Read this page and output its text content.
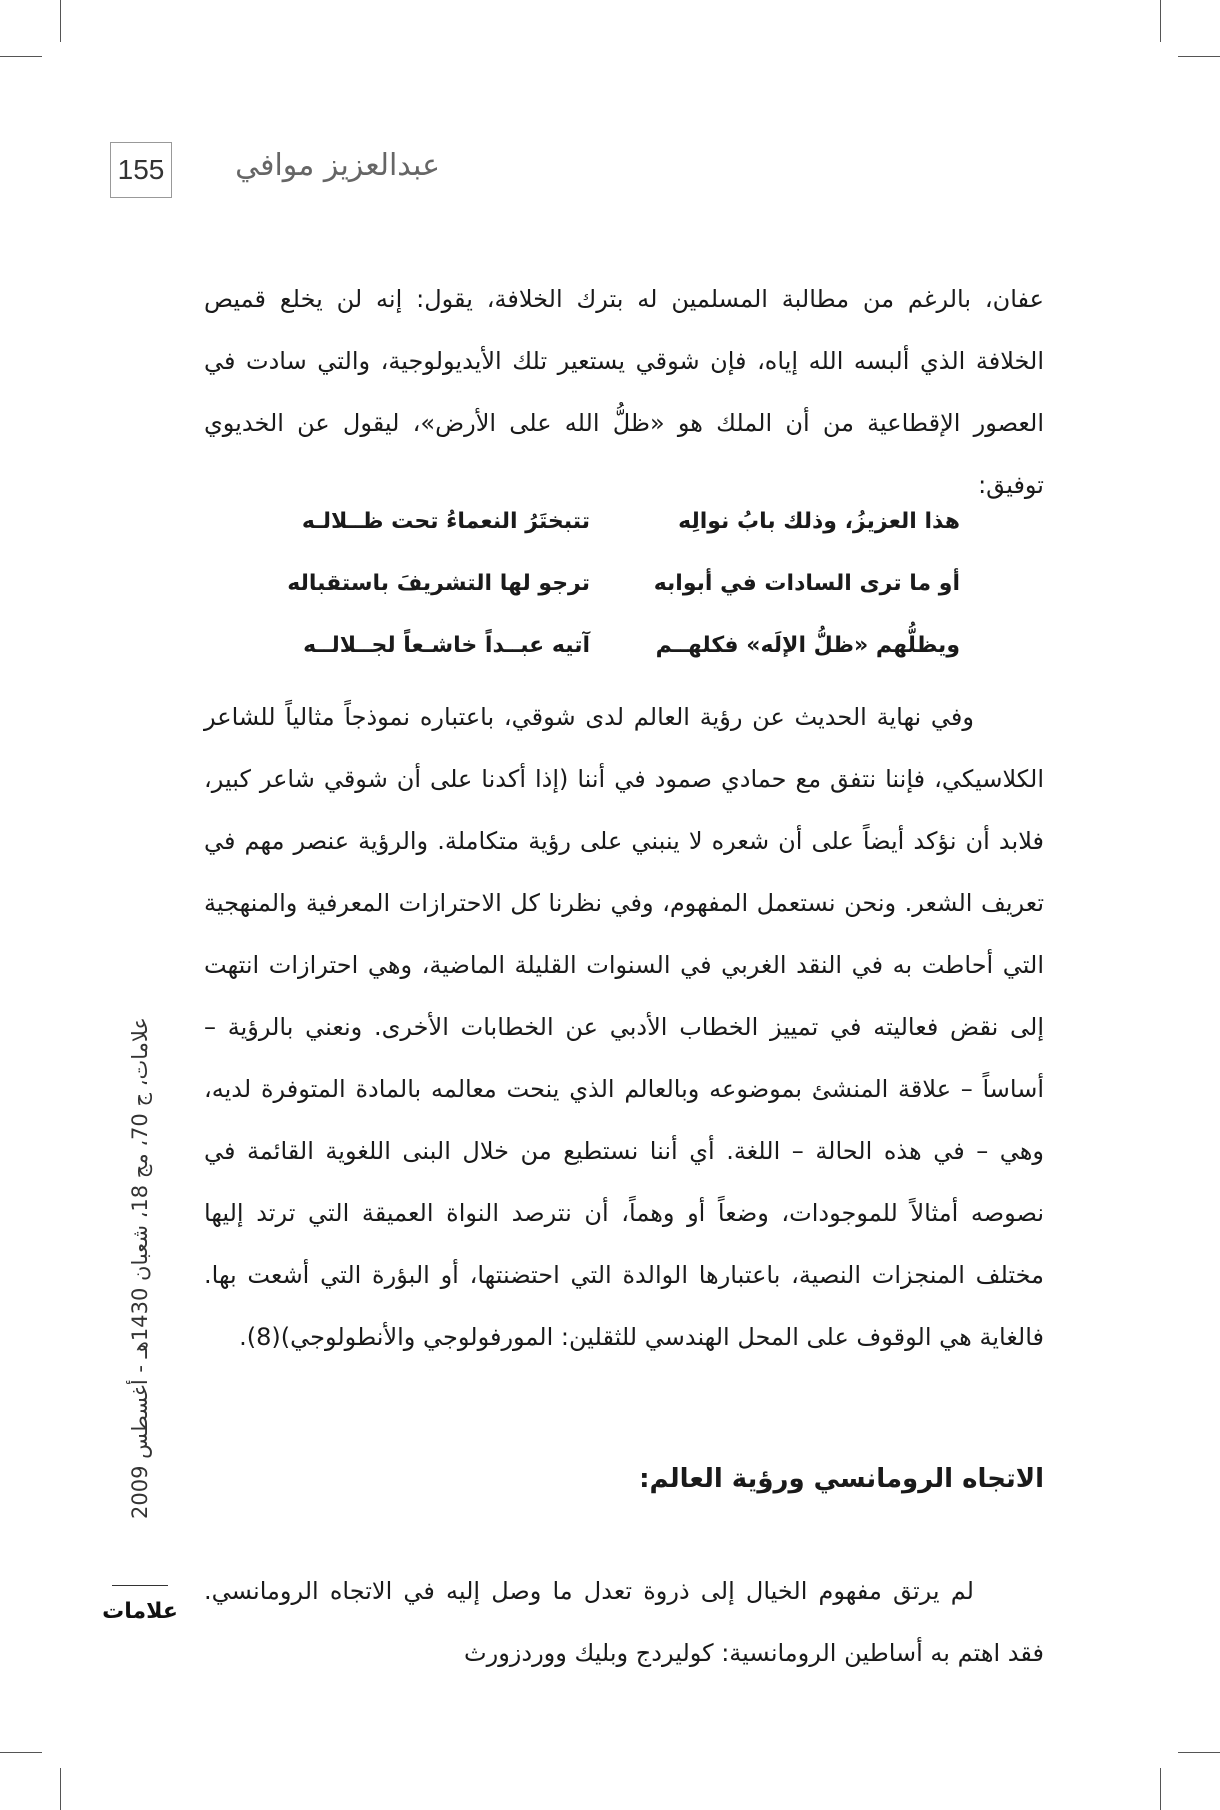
155 عبدالعزيز موافي
عفان، بالرغم من مطالبة المسلمين له بترك الخلافة، يقول: إنه لن يخلع قميص الخلافة الذي ألبسه الله إياه، فإن شوقي يستعير تلك الأيديولوجية، والتي سادت في العصور الإقطاعية من أن الملك هو «ظلُّ الله على الأرض»، ليقول عن الخديوي توفيق:
هذا العزيزُ، وذلك بابُ نوالِه
تتبختَرُ النعماءُ تحت ظــلالـه
أو ما ترى السادات في أبوابه
ترجو لها التشريفَ باستقباله
ويظلُّهم «ظلُّ الإلَه» فكلهــم
آتيه عبــداً خاشـعاً لجــلالــه
وفي نهاية الحديث عن رؤية العالم لدى شوقي، باعتباره نموذجاً مثالياً للشاعر الكلاسيكي، فإننا نتفق مع حمادي صمود في أننا (إذا أكدنا على أن شوقي شاعر كبير، فلابد أن نؤكد أيضاً على أن شعره لا ينبني على رؤية متكاملة. والرؤية عنصر مهم في تعريف الشعر. ونحن نستعمل المفهوم، وفي نظرنا كل الاحترازات المعرفية والمنهجية التي أحاطت به في النقد الغربي في السنوات القليلة الماضية، وهي احترازات انتهت إلى نقض فعاليته في تمييز الخطاب الأدبي عن الخطابات الأخرى. ونعني بالرؤية – أساساً – علاقة المنشئ بموضوعه وبالعالم الذي ينحت معالمه بالمادة المتوفرة لديه، وهي – في هذه الحالة – اللغة. أي أننا نستطيع من خلال البنى اللغوية القائمة في نصوصه أمثالاً للموجودات، وضعاً أو وهماً، أن نترصد النواة العميقة التي ترتد إليها مختلف المنجزات النصية، باعتبارها الوالدة التي احتضنتها، أو البؤرة التي أشعت بها. فالغاية هي الوقوف على المحل الهندسي للثقلين: المورفولوجي والأنطولوجي)(8).
الاتجاه الرومانسي ورؤية العالم:
لم يرتق مفهوم الخيال إلى ذروة تعدل ما وصل إليه في الاتجاه الرومانسي. فقد اهتم به أساطين الرومانسية: كوليردج وبليك ووردزورث
علامات، ج 70، مج 18، شعبان 1430هـ - أغسطس 2009
علامات
